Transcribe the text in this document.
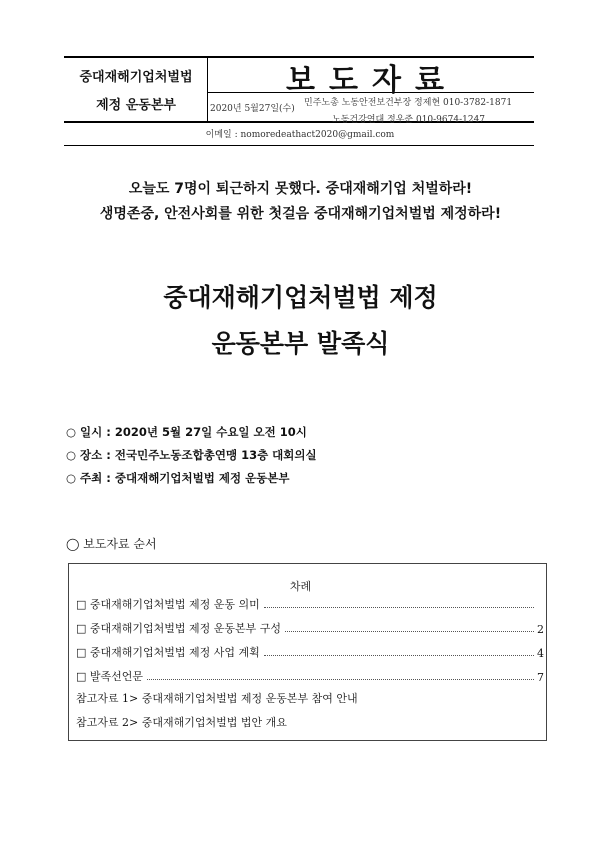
중대재해기업처벌법
제정 운동본부
보도자료
2020년 5월27일(수)
민주노총 노동안전보건부장 정제현 010-3782-1871
노동건강연대 정우준 010-9674-1247
이메일 : nomoredeathact2020@gmail.com
오늘도 7명이 퇴근하지 못했다. 중대재해기업 처벌하라!
생명존중, 안전사회를 위한 첫걸음 중대재해기업처벌법 제정하라!
중대재해기업처벌법 제정
운동본부 발족식
○ 일시 : 2020년 5월 27일 수요일 오전 10시
○ 장소 : 전국민주노동조합총연맹 13층 대회의실
○ 주최 : 중대재해기업처벌법 제정 운동본부
◯ 보도자료 순서
차례
□ 중대재해기업처벌법 제정 운동 의미
□ 중대재해기업처벌법 제정 운동본부 구성	2
□ 중대재해기업처벌법 제정 사업 계획	4
□ 발족선언문	7
참고자료 1> 중대재해기업처벌법 제정 운동본부 참여 안내
참고자료 2> 중대재해기업처벌법 법안 개요
